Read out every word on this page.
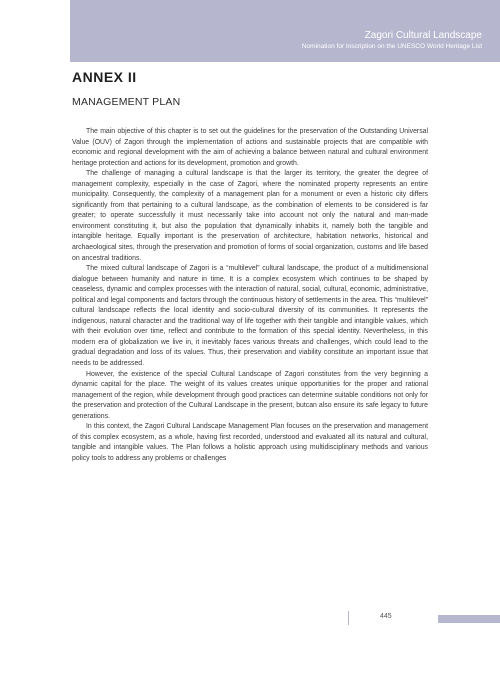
Zagori Cultural Landscape
Nomination for Inscription on the UNESCO World Heritage List
ANNEX II
MANAGEMENT PLAN

The main objective of this chapter is to set out the guidelines for the preservation of the Outstanding Universal Value (OUV) of Zagori through the implementation of actions and sustainable projects that are compatible with economic and regional development with the aim of achieving a balance between natural and cultural environment heritage protection and actions for its development, promotion and growth.

The challenge of managing a cultural landscape is that the larger its territory, the greater the degree of management complexity, especially in the case of Zagori, where the nominated property represents an entire municipality. Consequently, the complexity of a management plan for a monument or even a historic city differs significantly from that pertaining to a cultural landscape, as the combination of elements to be considered is far greater; to operate successfully it must necessarily take into account not only the natural and man-made environment constituting it, but also the population that dynamically inhabits it, namely both the tangible and intangible heritage. Equally important is the preservation of architecture, habitation networks, historical and archaeological sites, through the preservation and promotion of forms of social organization, customs and life based on ancestral traditions.

The mixed cultural landscape of Zagori is a “multilevel” cultural landscape, the product of a multidimensional dialogue between humanity and nature in time. It is a complex ecosystem which continues to be shaped by ceaseless, dynamic and complex processes with the interaction of natural, social, cultural, economic, administrative, political and legal components and factors through the continuous history of settlements in the area. This “multilevel” cultural landscape reflects the local identity and socio-cultural diversity of its communities. It represents the indigenous, natural character and the traditional way of life together with their tangible and intangible values, which with their evolution over time, reflect and contribute to the formation of this special identity. Nevertheless, in this modern era of globalization we live in, it inevitably faces various threats and challenges, which could lead to the gradual degradation and loss of its values. Thus, their preservation and viability constitute an important issue that needs to be addressed.

However, the existence of the special Cultural Landscape of Zagori constitutes from the very beginning a dynamic capital for the place. The weight of its values creates unique opportunities for the proper and rational management of the region, while development through good practices can determine suitable conditions not only for the preservation and protection of the Cultural Landscape in the present, butcan also ensure its safe legacy to future generations.

In this context, the Zagori Cultural Landscape Management Plan focuses on the preservation and management of this complex ecosystem, as a whole, having first recorded, understood and evaluated all its natural and cultural, tangible and intangible values. The Plan follows a holistic approach using multidisciplinary methods and various policy tools to address any problems or challenges

445
